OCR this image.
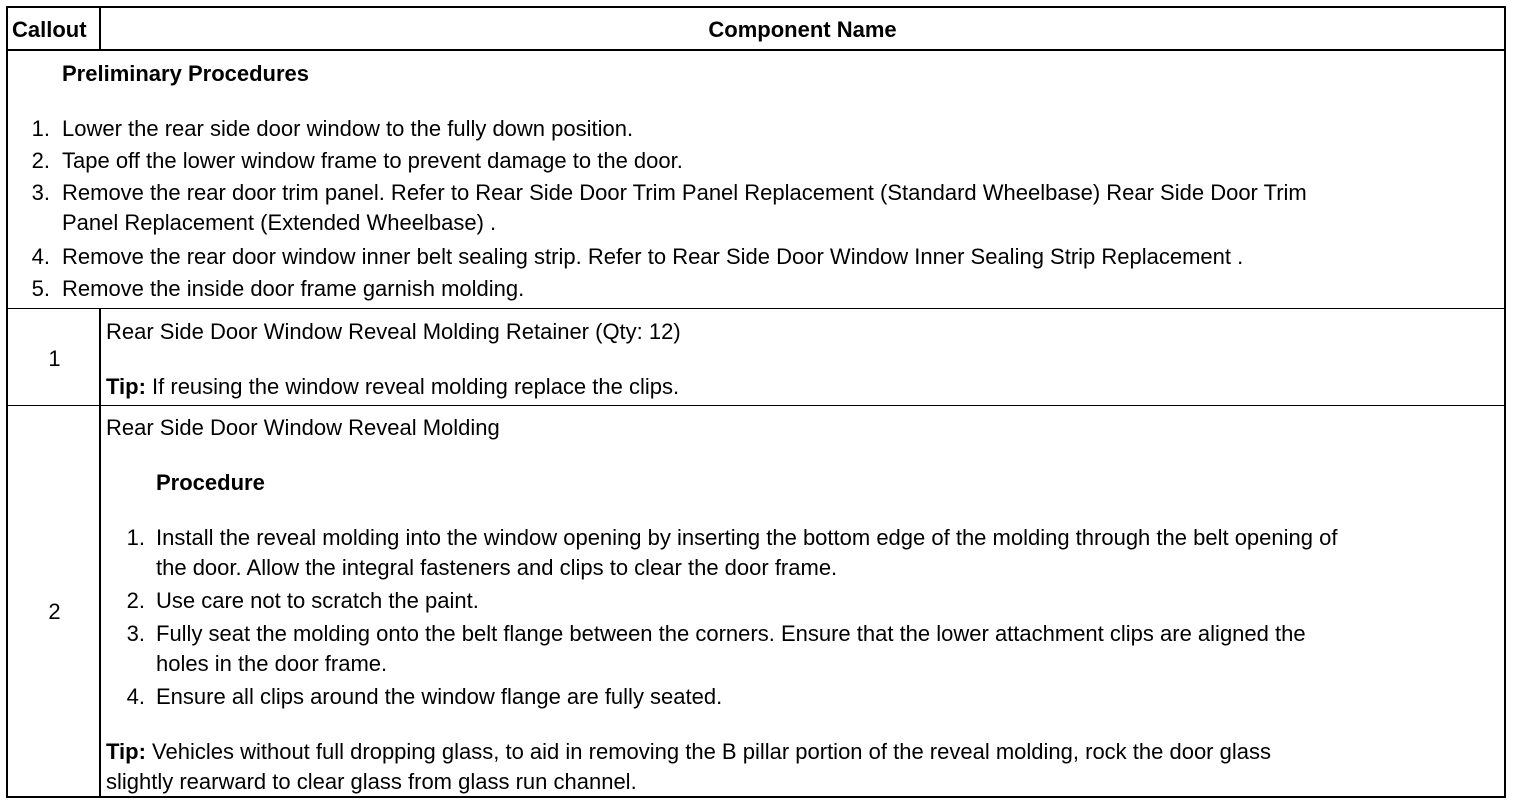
Callout	Component Name
Preliminary Procedures
1. Lower the rear side door window to the fully down position.
2. Tape off the lower window frame to prevent damage to the door.
3. Remove the rear door trim panel. Refer to Rear Side Door Trim Panel Replacement (Standard Wheelbase) Rear Side Door Trim
Panel Replacement (Extended Wheelbase) .
4. Remove the rear door window inner belt sealing strip. Refer to Rear Side Door Window Inner Sealing Strip Replacement .
5. Remove the inside door frame garnish molding.
1
Rear Side Door Window Reveal Molding Retainer (Qty: 12)
Tip: If reusing the window reveal molding replace the clips.
2
Rear Side Door Window Reveal Molding
Procedure
1. Install the reveal molding into the window opening by inserting the bottom edge of the molding through the belt opening of
the door. Allow the integral fasteners and clips to clear the door frame.
2. Use care not to scratch the paint.
3. Fully seat the molding onto the belt flange between the corners. Ensure that the lower attachment clips are aligned the
holes in the door frame.
4. Ensure all clips around the window flange are fully seated.
Tip: Vehicles without full dropping glass, to aid in removing the B pillar portion of the reveal molding, rock the door glass
slightly rearward to clear glass from glass run channel.
